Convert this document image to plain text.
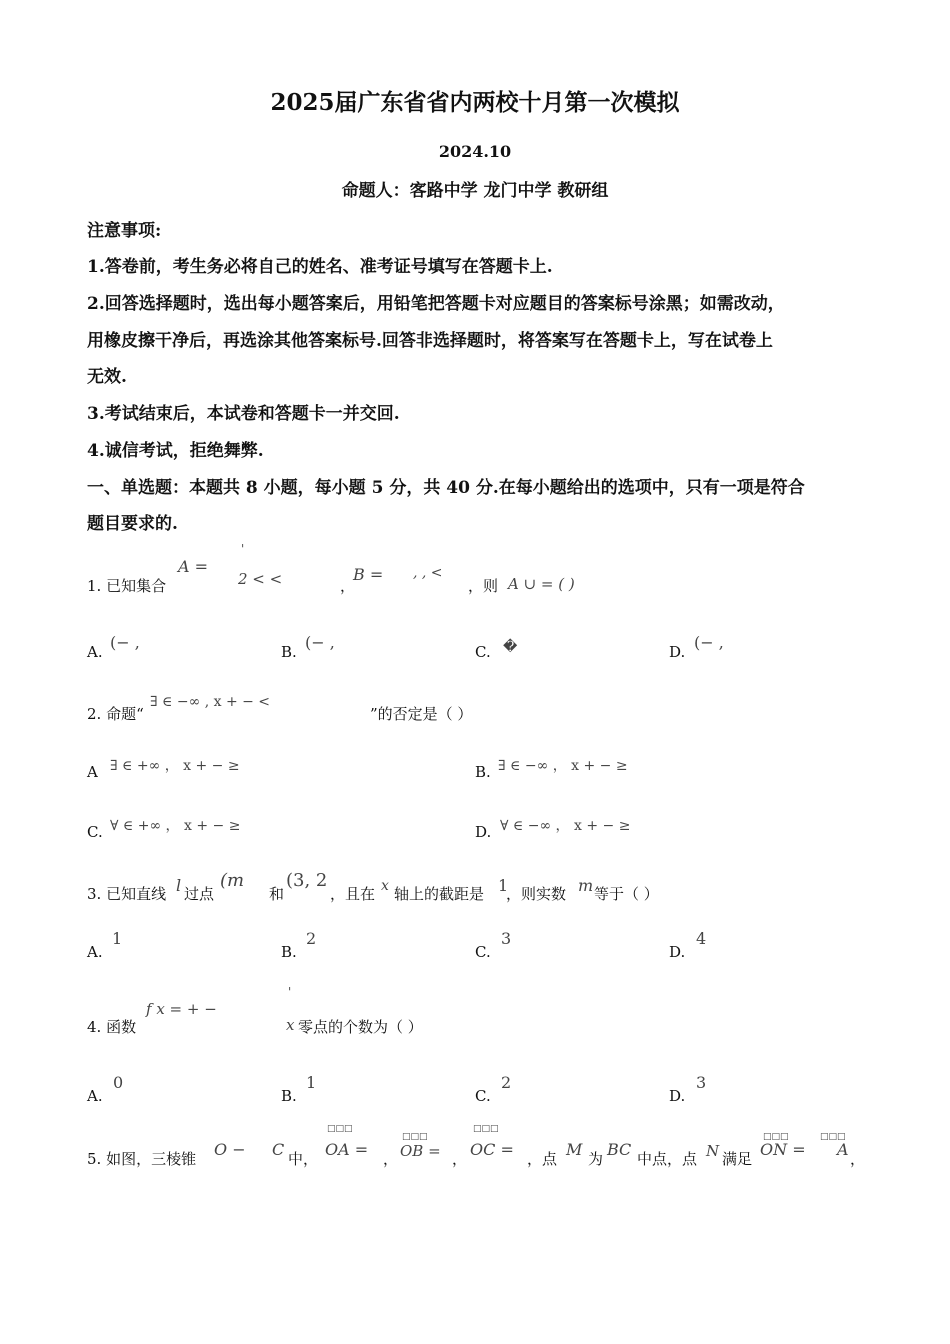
2025届广东省省内两校十月第一次模拟
2024.10
命题人：客路中学 龙门中学 教研组
注意事项:
1.答卷前，考生务必将自己的姓名、准考证号填写在答题卡上.
2.回答选择题时，选出每小题答案后，用铅笔把答题卡对应题目的答案标号涂黑；如需改动，
用橡皮擦干净后，再选涂其他答案标号.回答非选择题时，将答案写在答题卡上，写在试卷上
无效.
3.考试结束后，本试卷和答题卡一并交回.
4.诚信考试，拒绝舞弊.
一、单选题：本题共 8 小题，每小题 5 分，共 40 分.在每小题给出的选项中，只有一项是符合
题目要求的.
1. 已知集合
A =
'
2 < <	，
B = , , <
，则 A ∪ = ( )
A. (− ,	B. (− ,	C. �	D. (− ,
2. 命题“
∃ ∈ −∞ , x + − <
”的否定是（ ）
A ∃ ∈ +∞ ， x + − ≥	B. ∃ ∈ −∞ ， x + − ≥
C. ∀ ∈ +∞ ， x + − ≥	D. ∀ ∈ −∞ ， x + − ≥
3. 已知直线 l 过点
(m
和
(3, 2
，且在 x 轴上的截距是 1
，则实数 m 等于（ ）
A.
1
B.
2
C.
3
D.
4
4. 函数
'
f x = + −
x 零点的个数为（ ）
A.
0
B.
1
C.
2
D.
3
5. 如图，三棱锥 O − C 中，
□□□
OA = ，
□□□
OB = ，
□□□
OC = ，点 M 为 BC 中点，点 N 满足
□□□
ON =
□□□
A ，
